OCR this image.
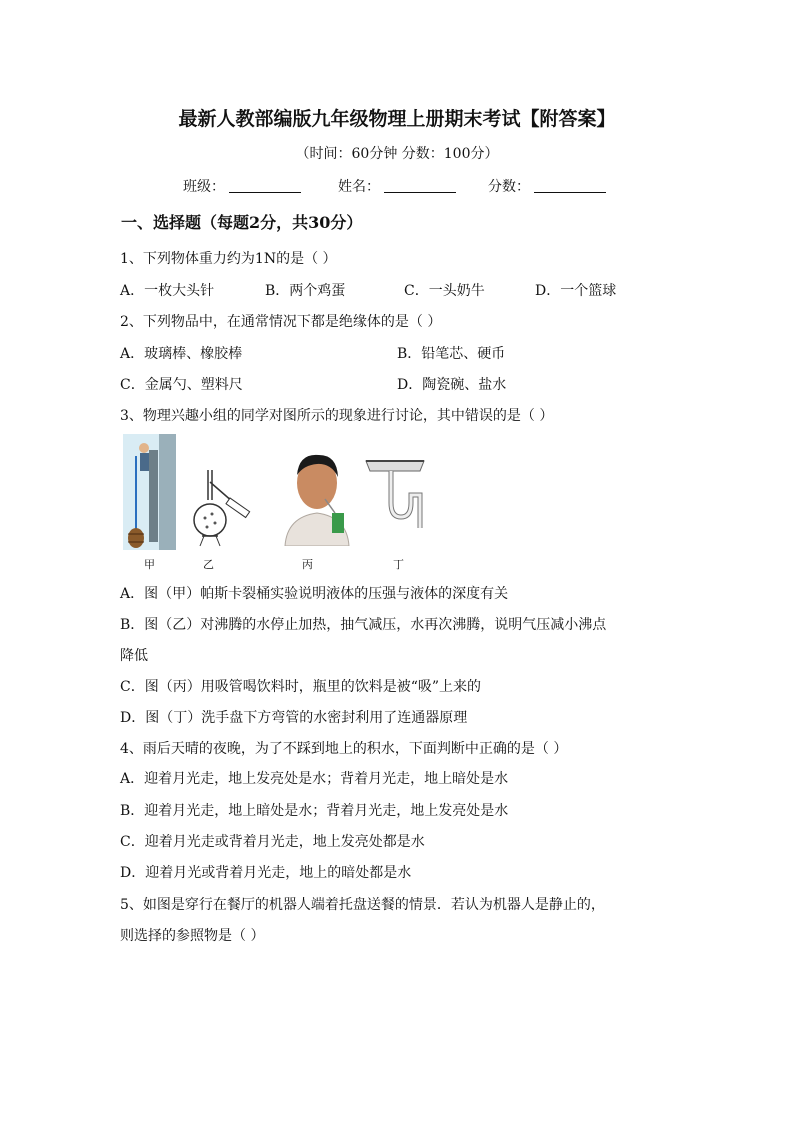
最新人教部编版九年级物理上册期末考试【附答案】
（时间：60分钟 分数：100分）
班级：	姓名：	分数：
一、选择题（每题2分，共30分）
1、下列物体重力约为1N的是（ ）
A．一枚大头针	B．两个鸡蛋	C．一头奶牛	D．一个篮球
2、下列物品中，在通常情况下都是绝缘体的是（ ）
A．玻璃棒、橡胶棒	B．铅笔芯、硬币
C．金属勺、塑料尺	D．陶瓷碗、盐水
3、物理兴趣小组的同学对图所示的现象进行讨论，其中错误的是（ ）
甲	乙	丙	丁
A．图（甲）帕斯卡裂桶实验说明液体的压强与液体的深度有关
B．图（乙）对沸腾的水停止加热，抽气减压，水再次沸腾，说明气压减小沸点
降低
C．图（丙）用吸管喝饮料时，瓶里的饮料是被“吸”上来的
D．图（丁）洗手盘下方弯管的水密封利用了连通器原理
4、雨后天晴的夜晚，为了不踩到地上的积水，下面判断中正确的是（ ）
A．迎着月光走，地上发亮处是水；背着月光走，地上暗处是水
B．迎着月光走，地上暗处是水；背着月光走，地上发亮处是水
C．迎着月光走或背着月光走，地上发亮处都是水
D．迎着月光或背着月光走，地上的暗处都是水
5、如图是穿行在餐厅的机器人端着托盘送餐的情景．若认为机器人是静止的，
则选择的参照物是（ ）
